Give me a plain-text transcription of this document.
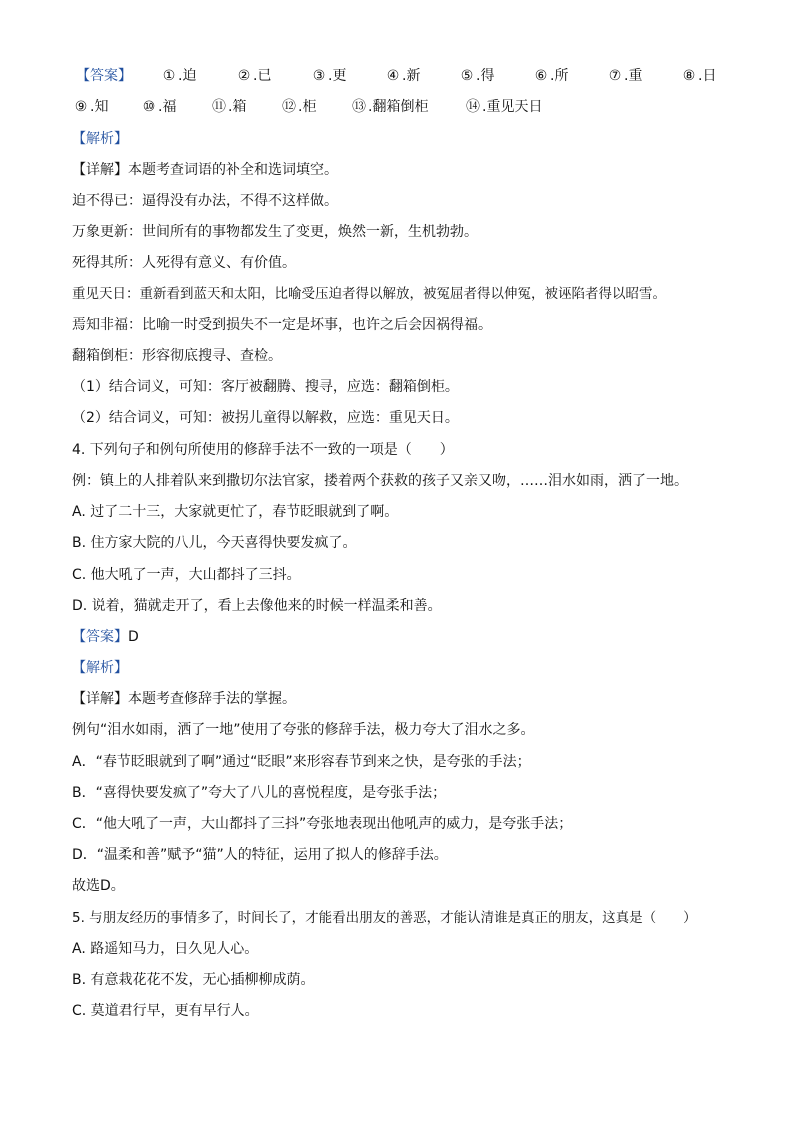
【答案】 ① .迫	② .已	③ .更	④ .新	⑤ .得	⑥ .所	⑦ .重	⑧ .日
⑨ .知 ⑩ .福	⑪ .箱	⑫ .柜	⑬ .翻箱倒柜	⑭ .重见天日
【解析】
【详解】本题考查词语的补全和选词填空。
迫不得已：逼得没有办法，不得不这样做。
万象更新：世间所有的事物都发生了变更，焕然一新，生机勃勃。
死得其所：人死得有意义、有价值。
重见天日：重新看到蓝天和太阳，比喻受压迫者得以解放，被冤屈者得以伸冤，被诬陷者得以昭雪。
焉知非福：比喻一时受到损失不一定是坏事，也许之后会因祸得福。
翻箱倒柜：形容彻底搜寻、查检。
（1）结合词义，可知：客厅被翻腾、搜寻，应选：翻箱倒柜。
（2）结合词义，可知：被拐儿童得以解救，应选：重见天日。
4. 下列句子和例句所使用的修辞手法不一致的一项是（　　）
例：镇上的人排着队来到撒切尔法官家，搂着两个获救的孩子又亲又吻，……泪水如雨，洒了一地。
A. 过了二十三，大家就更忙了，春节眨眼就到了啊。
B. 住方家大院的八儿，今天喜得快要发疯了。
C. 他大吼了一声，大山都抖了三抖。
D. 说着，猫就走开了，看上去像他来的时候一样温柔和善。
【答案】D
【解析】
【详解】本题考查修辞手法的掌握。
例句“泪水如雨，洒了一地”使用了夸张的修辞手法，极力夸大了泪水之多。
A．“春节眨眼就到了啊”通过“眨眼”来形容春节到来之快，是夸张的手法；
B．“喜得快要发疯了”夸大了八儿的喜悦程度，是夸张手法；
C．“他大吼了一声，大山都抖了三抖”夸张地表现出他吼声的威力，是夸张手法；
D．“温柔和善”赋予“猫”人的特征，运用了拟人的修辞手法。
故选D。
5. 与朋友经历的事情多了，时间长了，才能看出朋友的善恶，才能认清谁是真正的朋友，这真是（　　）
A. 路遥知马力，日久见人心。
B. 有意栽花花不发，无心插柳柳成荫。
C. 莫道君行早，更有早行人。
